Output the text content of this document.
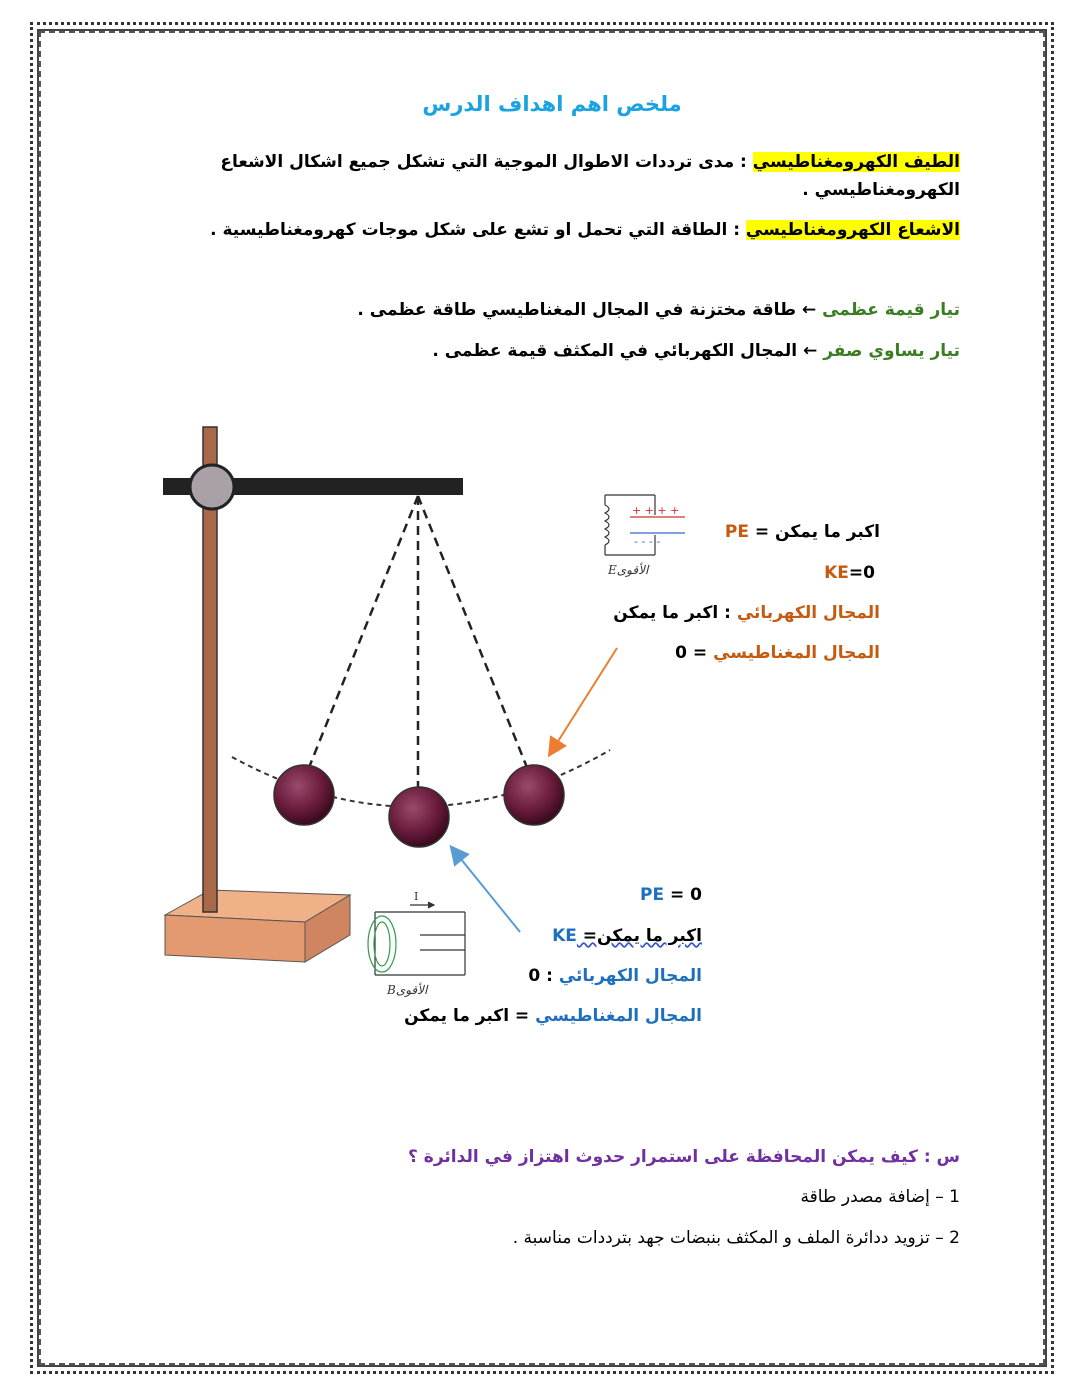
ملخص اهم اهداف الدرس
الطيف الكهرومغناطيسي : مدى ترددات الاطوال الموجية التي تشكل جميع اشكال الاشعاع
الكهرومغناطيسي .
الاشعاع الكهرومغناطيسي : الطاقة التي تحمل او تشع على شكل موجات كهرومغناطيسية .
تيار قيمة عظمى ← طاقة مختزنة في المجال المغناطيسي طاقة عظمى .
تيار يساوي صفر ← المجال الكهربائي في المكثف قيمة عظمى .
+ + + +
- - - -
Eالأقوى
I
Bالأقوى
اكبر ما يمكن = PE
0=KE
المجال الكهربائي : اكبر ما يمكن
المجال المغناطيسي = 0
PE = 0
اكبر ما يمكن= KE
المجال الكهربائي : 0
المجال المغناطيسي = اكبر ما يمكن
س : كيف يمكن المحافظة على استمرار حدوث اهتزاز في الدائرة ؟
1 – إضافة مصدر طاقة
2 – تزويد ددائرة الملف و المكثف بنبضات جهد بترددات مناسبة .
